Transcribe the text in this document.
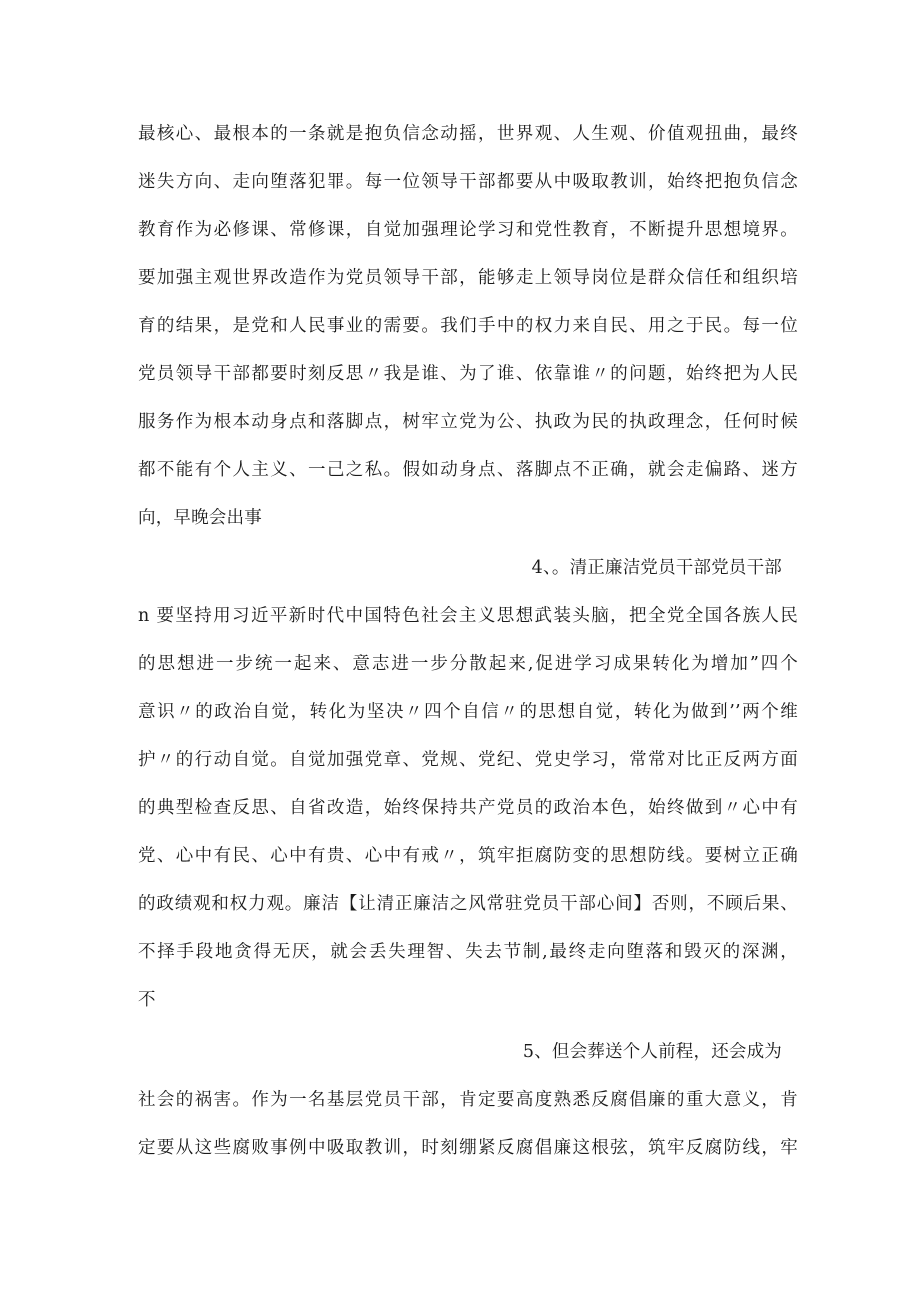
最核心、最根本的一条就是抱负信念动摇，世界观、人生观、价值观扭曲，最终
迷失方向、走向堕落犯罪。每一位领导干部都要从中吸取教训，始终把抱负信念
教育作为必修课、常修课，自觉加强理论学习和党性教育，不断提升思想境界。
要加强主观世界改造作为党员领导干部，能够走上领导岗位是群众信任和组织培
育的结果，是党和人民事业的需要。我们手中的权力来自民、用之于民。每一位
党员领导干部都要时刻反思〃我是谁、为了谁、依靠谁〃的问题，始终把为人民
服务作为根本动身点和落脚点，树牢立党为公、执政为民的执政理念，任何时候
都不能有个人主义、一己之私。假如动身点、落脚点不正确，就会走偏路、迷方
向，早晚会出事
4、。清正廉洁党员干部党员干部
n 要坚持用习近平新时代中国特色社会主义思想武装头脑，把全党全国各族人民
的思想进一步统一起来、意志进一步分散起来,促进学习成果转化为增加”四个
意识〃的政治自觉，转化为坚决〃四个自信〃的思想自觉，转化为做到’’两个维
护〃的行动自觉。自觉加强党章、党规、党纪、党史学习，常常对比正反两方面
的典型检查反思、自省改造，始终保持共产党员的政治本色，始终做到〃心中有
党、心中有民、心中有贵、心中有戒〃，筑牢拒腐防变的思想防线。要树立正确
的政绩观和权力观。廉洁【让清正廉洁之风常驻党员干部心间】否则，不顾后果、
不择手段地贪得无厌，就会丢失理智、失去节制,最终走向堕落和毁灭的深渊，
不
5、但会葬送个人前程，还会成为
社会的祸害。作为一名基层党员干部，肯定要高度熟悉反腐倡廉的重大意义，肯
定要从这些腐败事例中吸取教训，时刻绷紧反腐倡廉这根弦，筑牢反腐防线，牢
